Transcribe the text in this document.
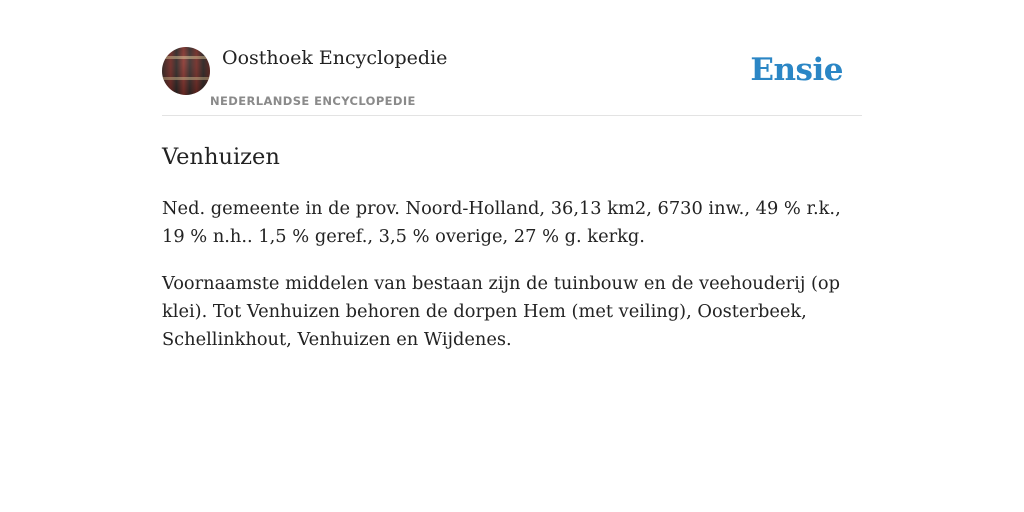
Oosthoek Encyclopedie
NEDERLANDSE ENCYCLOPEDIE
Ensie
Venhuizen

Ned. gemeente in de prov. Noord-Holland, 36,13 km2, 6730 inw., 49 % r.k., 19 % n.h.. 1,5 % geref., 3,5 % overige, 27 % g. kerkg.

Voornaamste middelen van bestaan zijn de tuinbouw en de veehouderij (op klei). Tot Venhuizen behoren de dorpen Hem (met veiling), Oosterbeek, Schellinkhout, Venhuizen en Wijdenes.
